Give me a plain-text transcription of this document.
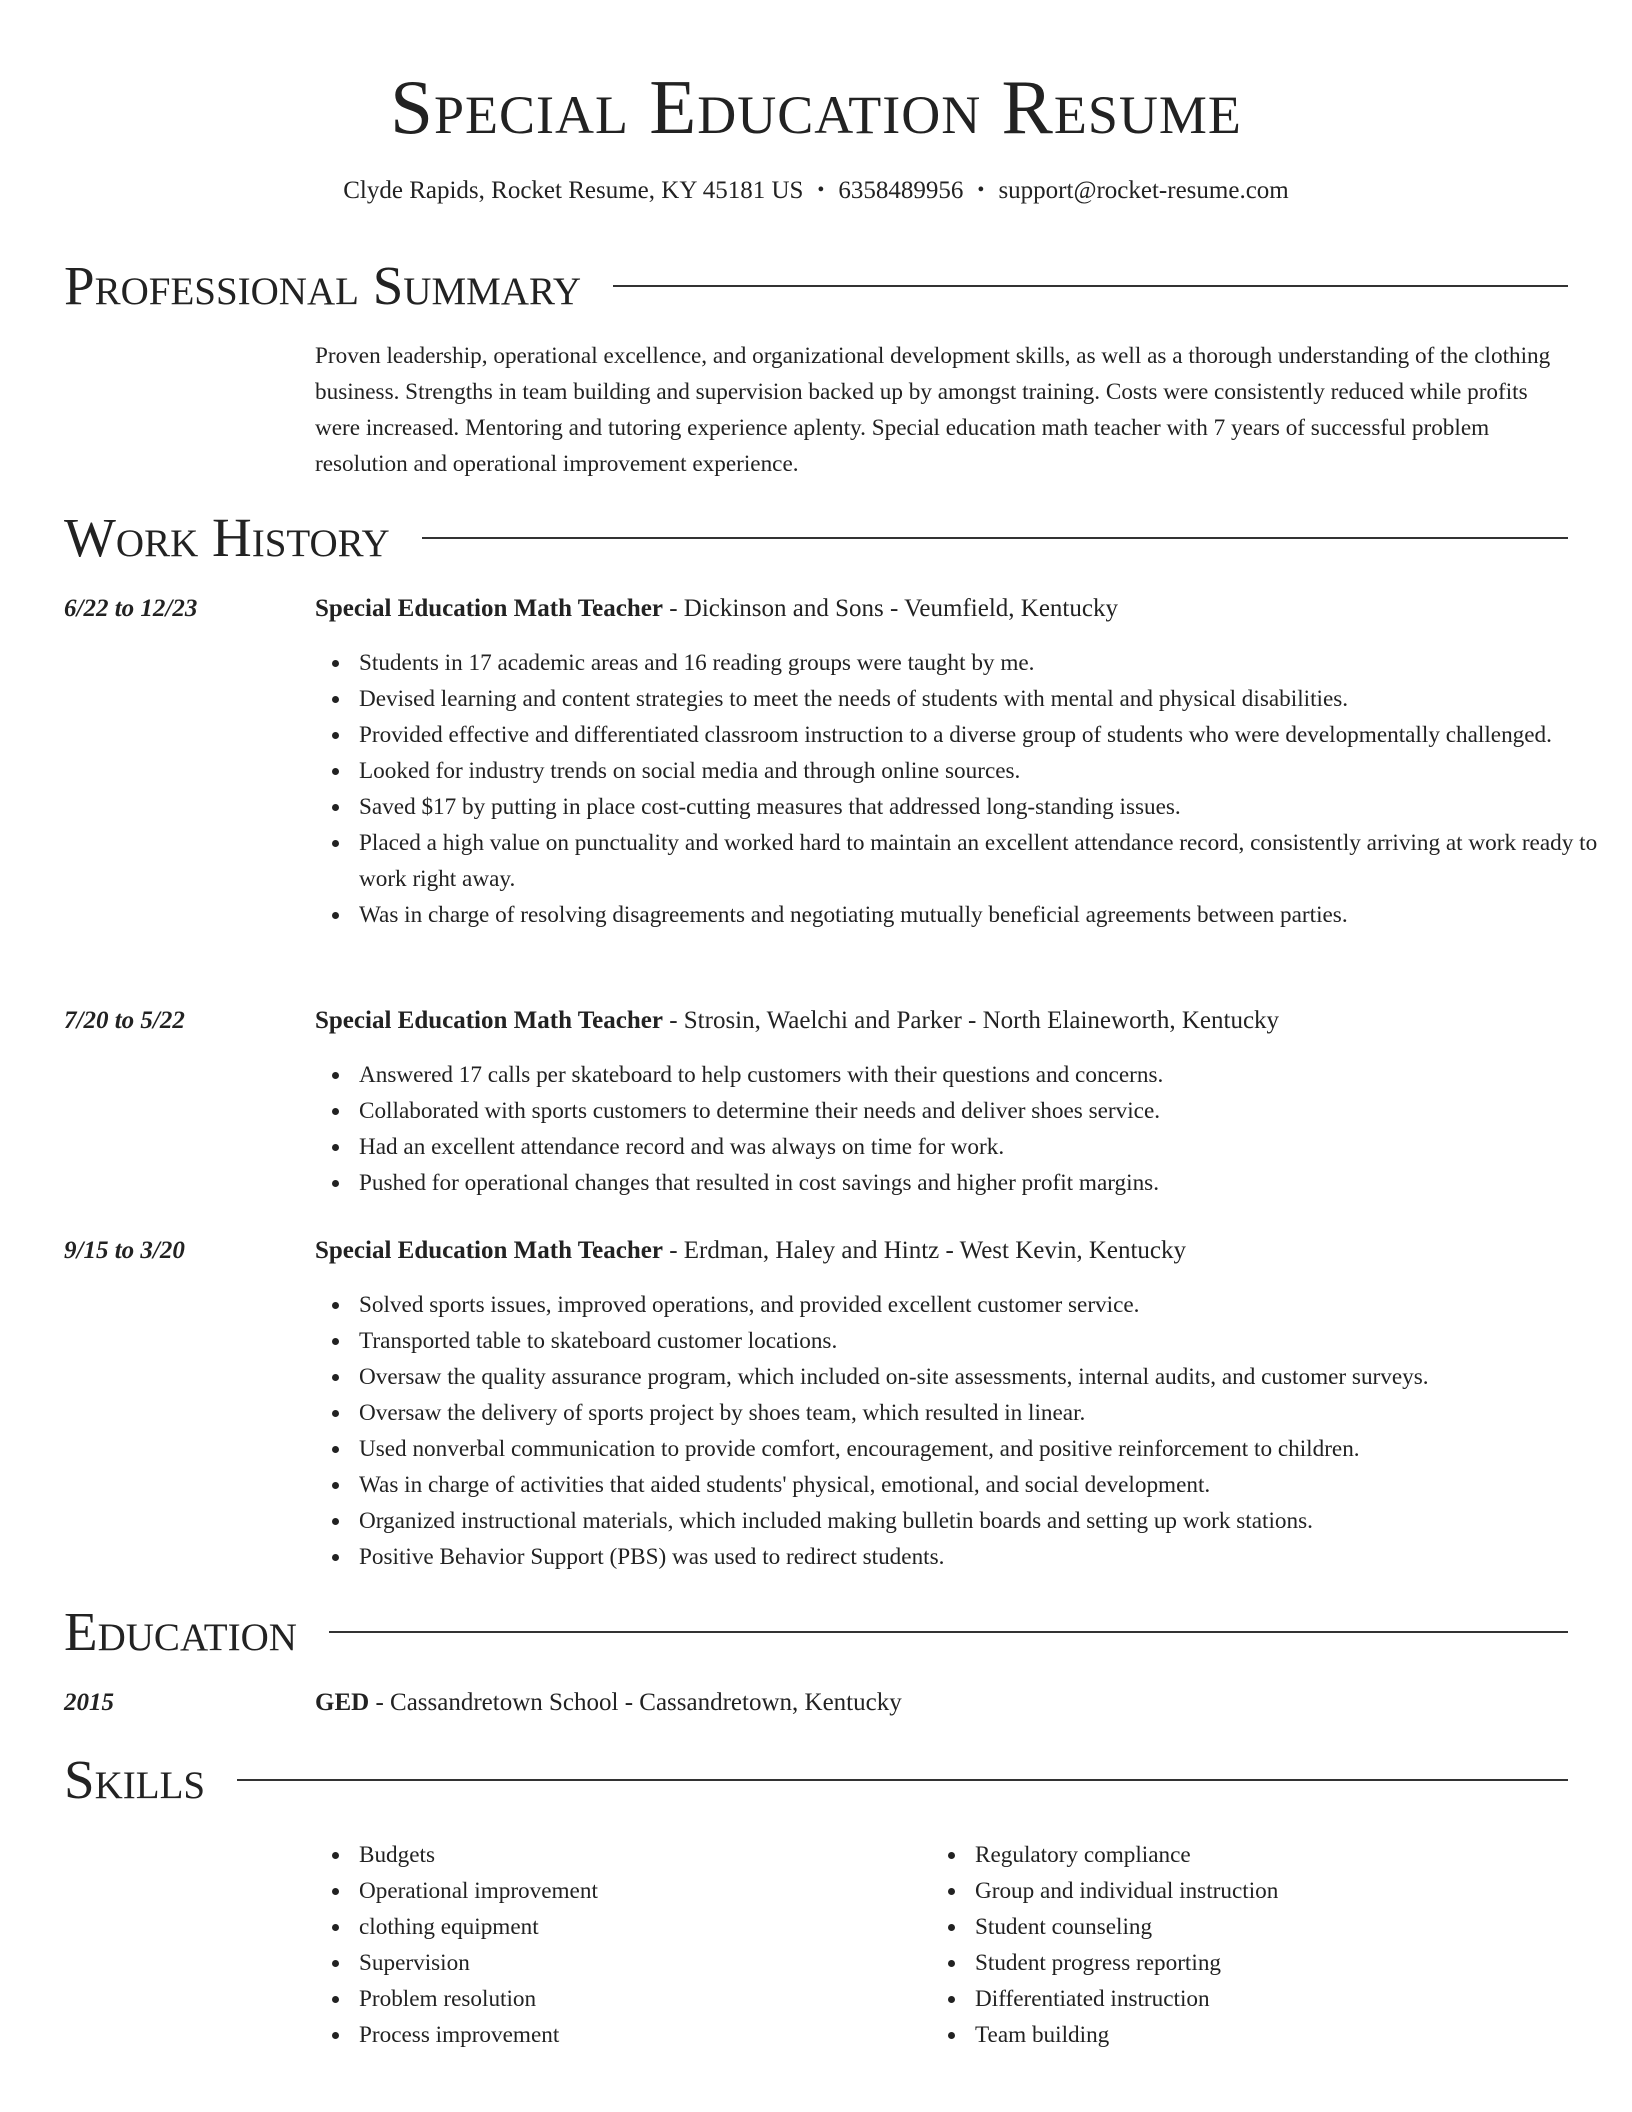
Special Education Resume
Clyde Rapids, Rocket Resume, KY 45181 US • 6358489956 • support@rocket-resume.com
Professional Summary
Proven leadership, operational excellence, and organizational development skills, as well as a thorough understanding of the clothing business. Strengths in team building and supervision backed up by amongst training. Costs were consistently reduced while profits were increased. Mentoring and tutoring experience aplenty. Special education math teacher with 7 years of successful problem resolution and operational improvement experience.
Work History
6/22 to 12/23	Special Education Math Teacher - Dickinson and Sons - Veumfield, Kentucky
Students in 17 academic areas and 16 reading groups were taught by me.
Devised learning and content strategies to meet the needs of students with mental and physical disabilities.
Provided effective and differentiated classroom instruction to a diverse group of students who were developmentally challenged.
Looked for industry trends on social media and through online sources.
Saved $17 by putting in place cost-cutting measures that addressed long-standing issues.
Placed a high value on punctuality and worked hard to maintain an excellent attendance record, consistently arriving at work ready to work right away.
Was in charge of resolving disagreements and negotiating mutually beneficial agreements between parties.
7/20 to 5/22	Special Education Math Teacher - Strosin, Waelchi and Parker - North Elaineworth, Kentucky
Answered 17 calls per skateboard to help customers with their questions and concerns.
Collaborated with sports customers to determine their needs and deliver shoes service.
Had an excellent attendance record and was always on time for work.
Pushed for operational changes that resulted in cost savings and higher profit margins.
9/15 to 3/20	Special Education Math Teacher - Erdman, Haley and Hintz - West Kevin, Kentucky
Solved sports issues, improved operations, and provided excellent customer service.
Transported table to skateboard customer locations.
Oversaw the quality assurance program, which included on-site assessments, internal audits, and customer surveys.
Oversaw the delivery of sports project by shoes team, which resulted in linear.
Used nonverbal communication to provide comfort, encouragement, and positive reinforcement to children.
Was in charge of activities that aided students' physical, emotional, and social development.
Organized instructional materials, which included making bulletin boards and setting up work stations.
Positive Behavior Support (PBS) was used to redirect students.
Education
2015	GED - Cassandretown School - Cassandretown, Kentucky
Skills
Budgets
Operational improvement
clothing equipment
Supervision
Problem resolution
Process improvement
Regulatory compliance
Group and individual instruction
Student counseling
Student progress reporting
Differentiated instruction
Team building
